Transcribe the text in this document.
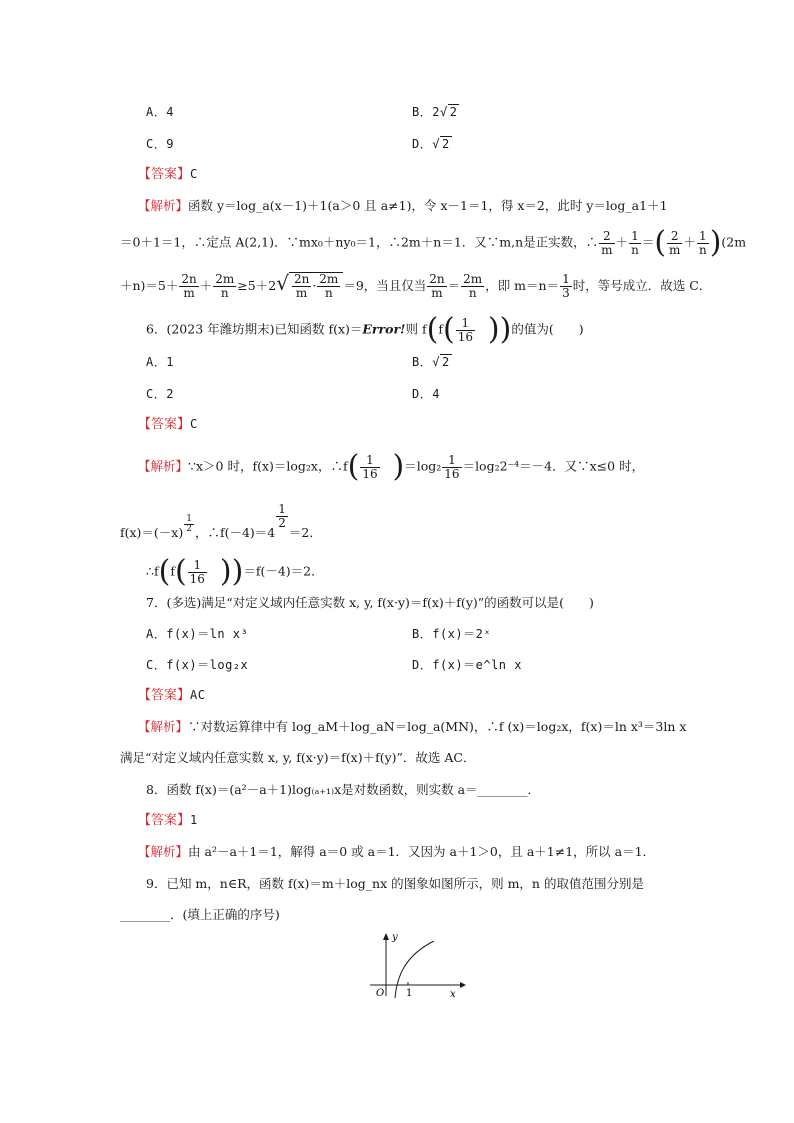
A．4	B．2√ 2
C．9	D．√ 2
【答案】C
【解析】函数 y＝log_a(x－1)＋1(a＞0 且 a≠1)，令 x－1＝1，得 x＝2，此时 y＝log_a1＋1
＝0＋1＝1，∴定点 A(2,1)．∵mx₀＋ny₀＝1，∴2m＋n＝1．又∵m,n是正实数，∴ $\frac{2}{m} + \frac{1}{n}$ ＝( $\frac{2}{m} + \frac{1}{n} )(2m$
$+n)=5+ \frac{2n}{m} + \frac{2m}{n} \ge 5+2√ \frac{2n}{m} \cdot \frac{2m}{n} =9$，当且仅当 $\frac{2n}{m} = \frac{2m}{n}$ ，即 $m=n= \frac{1}{3}$ 时，等号成立．故选 C．
6．(2023 年潍坊期末)已知函数 f(x)＝Error!则 $f(f( \frac{1}{16}$ ))的值为(　　)
A．1	B．√ 2
C．2	D．4
【答案】C
【解析】∵x＞0 时，f(x)＝log₂x，∴f( $\frac{1}{16} )=\log_2 \frac{1}{16} =\log_22^{-4}=-4$．又∵x≤0 时，
$f(x)=(-x) \frac{1}{2}$ ，∴f(－4)＝4
$\frac{1}{2}$
＝2．
∴f(f( $\frac{1}{16} ))=f(-4)=2$．
7．(多选)满足“对定义域内任意实数 x, y, f(x·y)＝f(x)＋f(y)”的函数可以是(　　)
A．f(x)＝ln x³	B．f(x)＝2ˣ
C．f(x)＝log₂x	D．f(x)＝e^ln x
【答案】AC
【解析】∵对数运算律中有 log_aM＋log_aN＝log_a(MN)，∴f (x)＝log₂x，f(x)＝ln x³＝3ln x
满足“对定义域内任意实数 x, y, f(x·y)＝f(x)＋f(y)”．故选 AC．
8．函数 f(x)＝(a²－a＋1)log₍ₐ₊₁₎x是对数函数，则实数 a＝________．
【答案】1
【解析】由 a²－a＋1＝1，解得 a＝0 或 a＝1．又因为 a＋1＞0，且 a＋1≠1，所以 a＝1．
9．已知 m，n∈R，函数 f(x)＝m＋log_nx 的图象如图所示，则 m，n 的取值范围分别是
________．(填上正确的序号)
y
x
O 1
